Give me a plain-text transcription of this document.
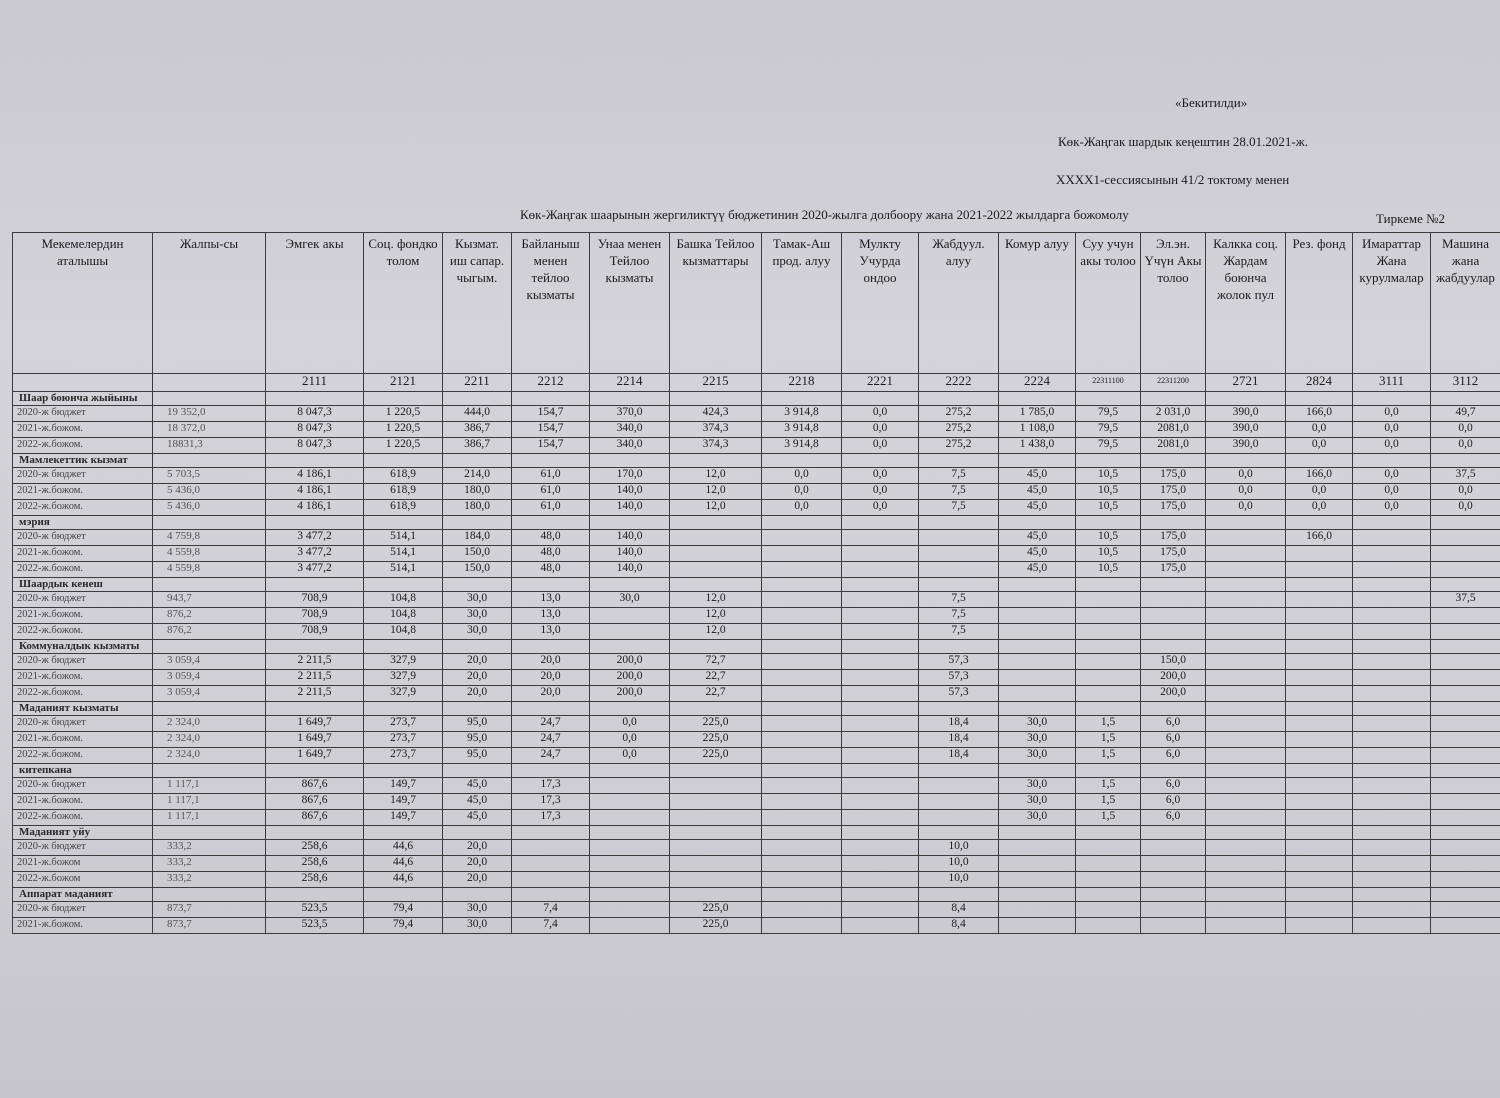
«Бекитилди»
Көк-Жаңгак шардык кеңештин 28.01.2021-ж.
XXXX1-сессиясынын 41/2 токтому менен
Көк-Жаңгак шаарынын жергиликтүү бюджетинин 2020-жылга долбоору жана 2021-2022 жылдарга божомолу	Тиркеме №2
Мекемелердин аталышы	Жалпы-сы	Эмгек акы	Соц. фондко толом	Кызмат. иш сапар. чыгым.	Байланыш менен тейлоо кызматы	Унаа менен Тейлоо кызматы	Башка Тейлоо кызматтары	Тамак-Аш прод. алуу	Мулкту Учурда ондоо	Жабдуул. алуу	Комур алуу	Суу учун акы толоо	Эл.эн. Үчүн Акы толоо	Калкка соц. Жардам боюнча жолок пул	Рез. фонд	Имараттар Жана курулмалар	Машина жана жабдуулар
		2111	2121	2211	2212	2214	2215	2218	2221	2222	2224	22311100	22311200	2721	2824	3111	3112
Шаар боюнча жыйыны																	
2020-ж бюджет	19 352,0	8 047,3	1 220,5	444,0	154,7	370,0	424,3	3 914,8	0,0	275,2	1 785,0	79,5	2 031,0	390,0	166,0	0,0	49,7
2021-ж.божом.	18 372,0	8 047,3	1 220,5	386,7	154,7	340,0	374,3	3 914,8	0,0	275,2	1 108,0	79,5	2081,0	390,0	0,0	0,0	0,0
2022-ж.божом.	18831,3	8 047,3	1 220,5	386,7	154,7	340,0	374,3	3 914,8	0,0	275,2	1 438,0	79,5	2081,0	390,0	0,0	0,0	0,0
Мамлекеттик кызмат																	
2020-ж бюджет	5 703,5	4 186,1	618,9	214,0	61,0	170,0	12,0	0,0	0,0	7,5	45,0	10,5	175,0	0,0	166,0	0,0	37,5
2021-ж.божом.	5 436,0	4 186,1	618,9	180,0	61,0	140,0	12,0	0,0	0,0	7,5	45,0	10,5	175,0	0,0	0,0	0,0	0,0
2022-ж.божом.	5 436,0	4 186,1	618,9	180,0	61,0	140,0	12,0	0,0	0,0	7,5	45,0	10,5	175,0	0,0	0,0	0,0	0,0
мэрия																	
2020-ж бюджет	4 759,8	3 477,2	514,1	184,0	48,0	140,0					45,0	10,5	175,0		166,0		
2021-ж.божом.	4 559,8	3 477,2	514,1	150,0	48,0	140,0					45,0	10,5	175,0				
2022-ж.божом.	4 559,8	3 477,2	514,1	150,0	48,0	140,0					45,0	10,5	175,0				
Шаардык кенеш																	
2020-ж бюджет	943,7	708,9	104,8	30,0	13,0	30,0	12,0			7,5							37,5
2021-ж.божом.	876,2	708,9	104,8	30,0	13,0		12,0			7,5							
2022-ж.божом.	876,2	708,9	104,8	30,0	13,0		12,0			7,5							
Коммуналдык кызматы																	
2020-ж бюджет	3 059,4	2 211,5	327,9	20,0	20,0	200,0	72,7			57,3			150,0				
2021-ж.божом.	3 059,4	2 211,5	327,9	20,0	20,0	200,0	22,7			57,3			200,0				
2022-ж.божом.	3 059,4	2 211,5	327,9	20,0	20,0	200,0	22,7			57,3			200,0				
Маданият кызматы																	
2020-ж бюджет	2 324,0	1 649,7	273,7	95,0	24,7	0,0	225,0			18,4	30,0	1,5	6,0				
2021-ж.божом.	2 324,0	1 649,7	273,7	95,0	24,7	0,0	225,0			18,4	30,0	1,5	6,0				
2022-ж.божом.	2 324,0	1 649,7	273,7	95,0	24,7	0,0	225,0			18,4	30,0	1,5	6,0				
китепкана																	
2020-ж бюджет	1 117,1	867,6	149,7	45,0	17,3						30,0	1,5	6,0				
2021-ж.божом.	1 117,1	867,6	149,7	45,0	17,3						30,0	1,5	6,0				
2022-ж.божом.	1 117,1	867,6	149,7	45,0	17,3						30,0	1,5	6,0				
Маданият уйу																	
2020-ж бюджет	333,2	258,6	44,6	20,0						10,0							
2021-ж.божом	333,2	258,6	44,6	20,0						10,0							
2022-ж.божом	333,2	258,6	44,6	20,0						10,0							
Аппарат маданият																	
2020-ж бюджет	873,7	523,5	79,4	30,0	7,4		225,0			8,4							
2021-ж.божом.	873,7	523,5	79,4	30,0	7,4		225,0			8,4							
